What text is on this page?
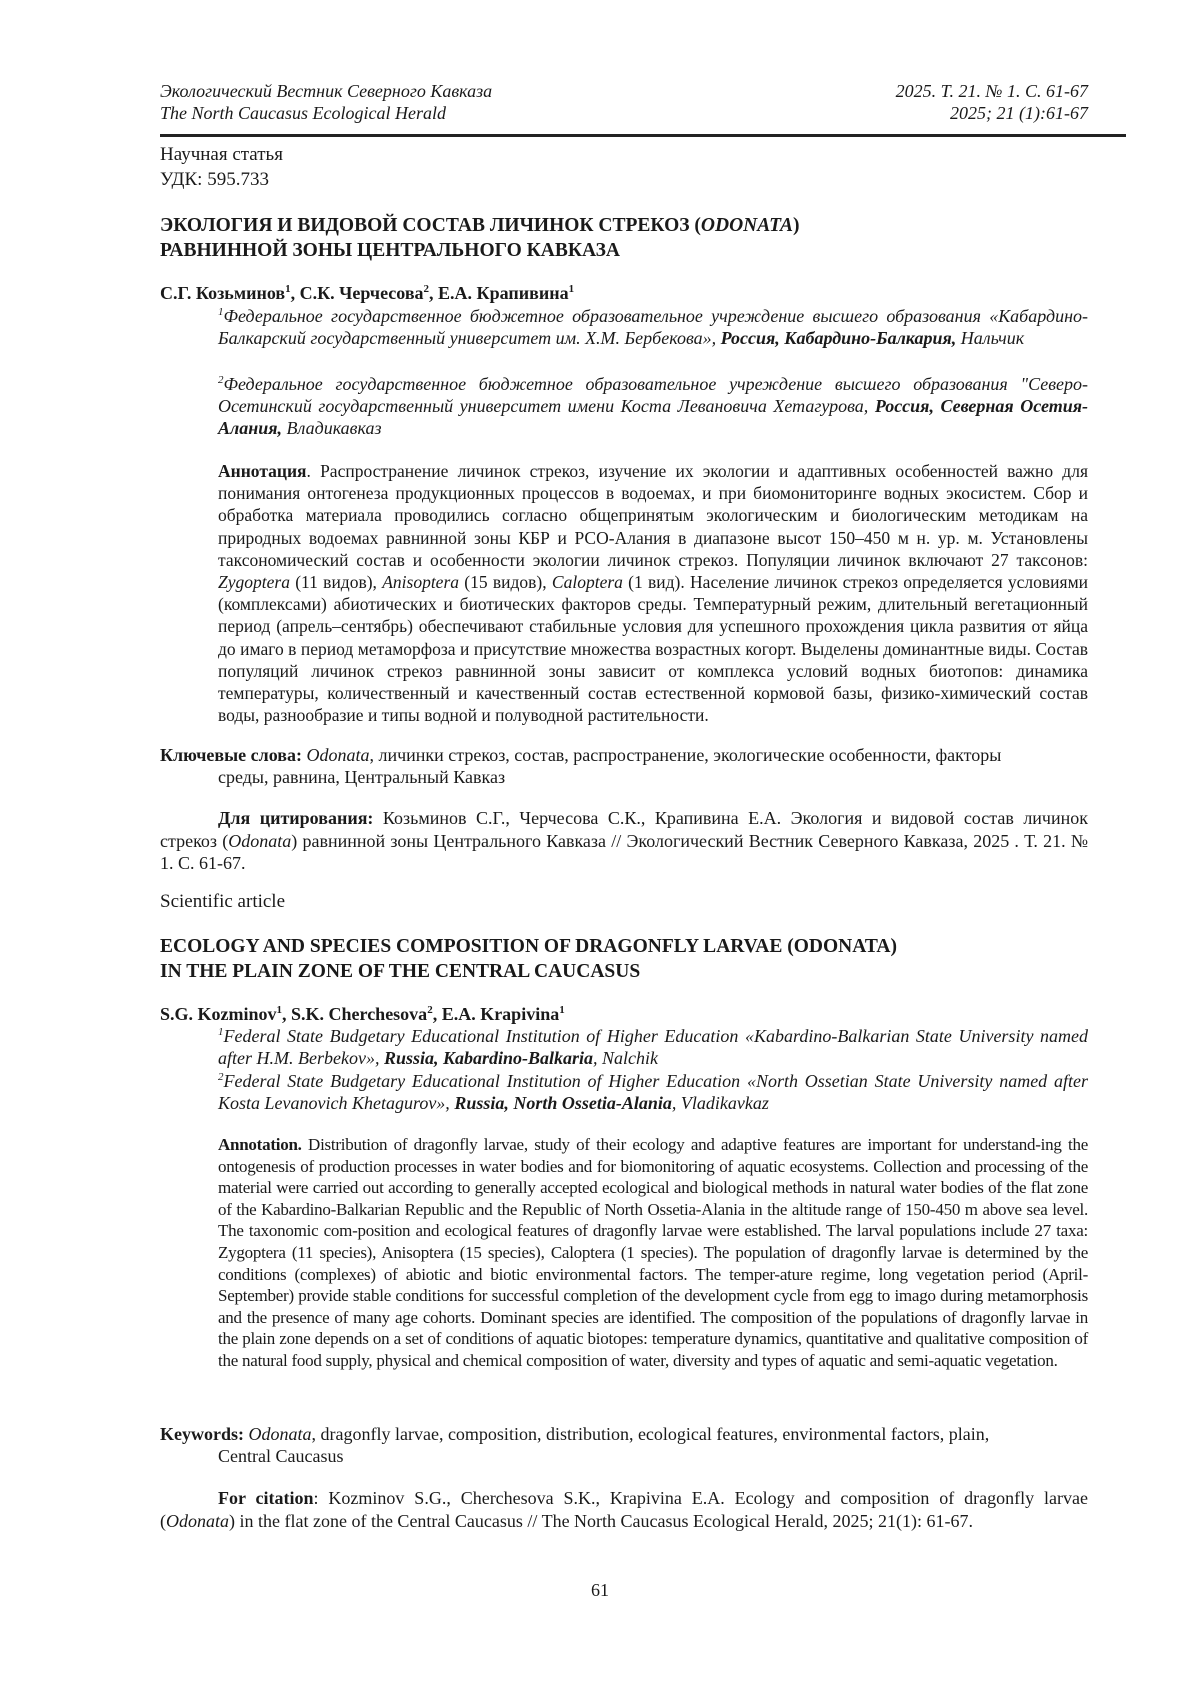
Экологический Вестник Северного Кавказа	2025. Т. 21. № 1. С. 61-67
The North Caucasus Ecological Herald	2025; 21 (1):61-67
Научная статья
УДК: 595.733
ЭКОЛОГИЯ И ВИДОВОЙ СОСТАВ ЛИЧИНОК СТРЕКОЗ (ODONATA)
РАВНИННОЙ ЗОНЫ ЦЕНТРАЛЬНОГО КАВКАЗА
С.Г. Козьминов$^1$, С.К. Черчесова$^2$, Е.А. Крапивина$^1$
$^1$Федеральное государственное бюджетное образовательное учреждение высшего образования «Кабардино-Балкарский государственный университет им. Х.М. Бербекова», Россия, Кабардино-Балкария, Нальчик
$^2$Федеральное государственное бюджетное образовательное учреждение высшего образования "Северо-Осетинский государственный университет имени Коста Левановича Хетагурова, Россия, Северная Осетия-Алания, Владикавказ
Аннотация. Распространение личинок стрекоз, изучение их экологии и адаптивных особенностей важно для понимания онтогенеза продукционных процессов в водоемах, и при биомониторинге водных экосистем. Сбор и обработка материала проводились согласно общепринятым экологическим и биологическим методикам на природных водоемах равнинной зоны КБР и РСО-Алания в диапазоне высот 150–450 м н. ур. м. Установлены таксономический состав и особенности экологии личинок стрекоз. Популяции личинок включают 27 таксонов: Zygoptera (11 видов), Anisoptera (15 видов), Caloptera (1 вид). Население личинок стрекоз определяется условиями (комплексами) абиотических и биотических факторов среды. Температурный режим, длительный вегетационный период (апрель–сентябрь) обеспечивают стабильные условия для успешного прохождения цикла развития от яйца до имаго в период метаморфоза и присутствие множества возрастных когорт. Выделены доминантные виды. Состав популяций личинок стрекоз равнинной зоны зависит от комплекса условий водных биотопов: динамика температуры, количественный и качественный состав естественной кормовой базы, физико-химический состав воды, разнообразие и типы водной и полуводной растительности.
Ключевые слова: Odonata, личинки стрекоз, состав, распространение, экологические особенности, факторы
среды, равнина, Центральный Кавказ
Для цитирования: Козьминов С.Г., Черчесова С.К., Крапивина Е.А. Экология и видовой состав личинок стрекоз (Odonata) равнинной зоны Центрального Кавказа // Экологический Вестник Северного Кавказа, 2025 . Т. 21. № 1. С. 61-67.
Scientific article
ECOLOGY AND SPECIES COMPOSITION OF DRAGONFLY LARVAE (ODONATA)
IN THE PLAIN ZONE OF THE CENTRAL CAUCASUS
S.G. Kozminov$^1$, S.K. Cherchesova$^2$, E.A. Krapivina$^1$
$^1$Federal State Budgetary Educational Institution of Higher Education «Kabardino-Balkarian State University named after H.M. Berbekov», Russia, Kabardino-Balkaria, Nalchik
$^2$Federal State Budgetary Educational Institution of Higher Education «North Ossetian State University named after Kosta Levanovich Khetagurov», Russia, North Ossetia-Alania, Vladikavkaz
Annotation. Distribution of dragonfly larvae, study of their ecology and adaptive features are important for understand-ing the ontogenesis of production processes in water bodies and for biomonitoring of aquatic ecosystems. Collection and processing of the material were carried out according to generally accepted ecological and biological methods in natural water bodies of the flat zone of the Kabardino-Balkarian Republic and the Republic of North Ossetia-Alania in the altitude range of 150-450 m above sea level. The taxonomic com-position and ecological features of dragonfly larvae were established. The larval populations include 27 taxa: Zygoptera (11 species), Anisoptera (15 species), Caloptera (1 species). The population of dragonfly larvae is determined by the conditions (complexes) of abiotic and biotic environmental factors. The temper-ature regime, long vegetation period (April-September) provide stable conditions for successful completion of the development cycle from egg to imago during metamorphosis and the presence of many age cohorts. Dominant species are identified. The composition of the populations of dragonfly larvae in the plain zone depends on a set of conditions of aquatic biotopes: temperature dynamics, quantitative and qualitative composition of the natural food supply, physical and chemical composition of water, diversity and types of aquatic and semi-aquatic vegetation.
Keywords: Odonata, dragonfly larvae, composition, distribution, ecological features, environmental factors, plain,
Central Caucasus
For citation: Kozminov S.G., Cherchesova S.K., Krapivina E.A. Ecology and composition of dragonfly larvae (Odonata) in the flat zone of the Central Caucasus // The North Caucasus Ecological Herald, 2025; 21(1): 61-67.
61
